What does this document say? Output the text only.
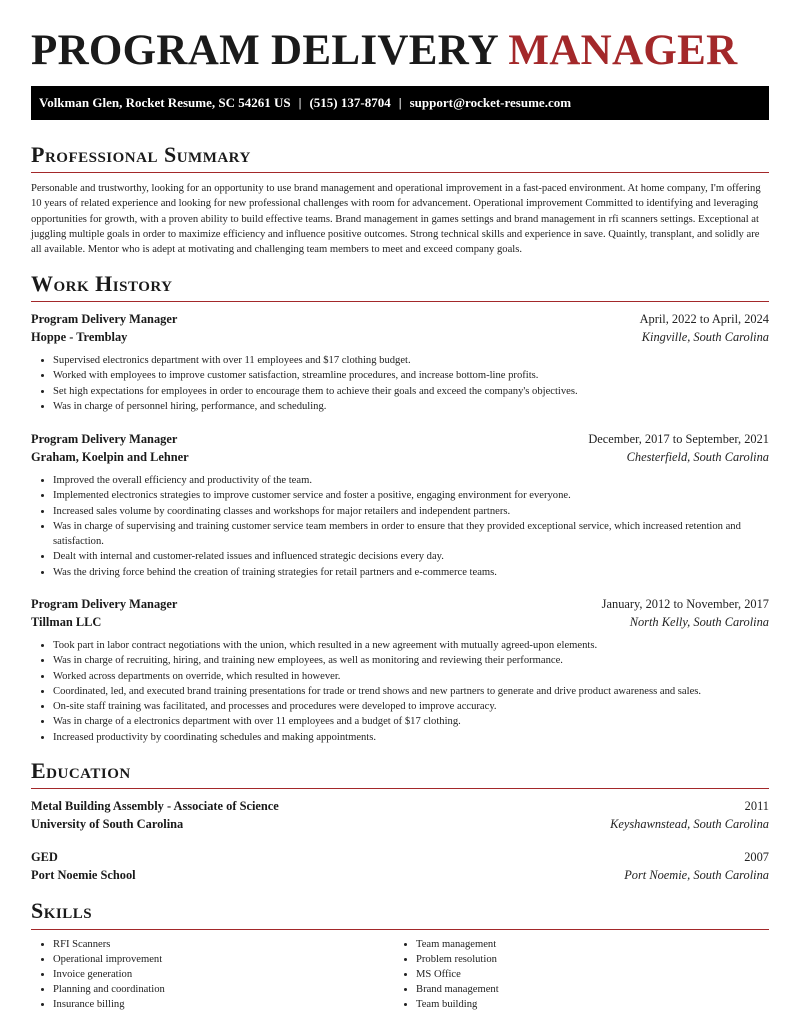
PROGRAM DELIVERY MANAGER
Volkman Glen, Rocket Resume, SC 54261 US | (515) 137-8704 | support@rocket-resume.com
Professional Summary

Personable and trustworthy, looking for an opportunity to use brand management and operational improvement in a fast-paced environment. At home company, I'm offering 10 years of related experience and looking for new professional challenges with room for advancement. Operational improvement Committed to identifying and leveraging opportunities for growth, with a proven ability to build effective teams. Brand management in games settings and brand management in rfi scanners settings. Exceptional at juggling multiple goals in order to maximize efficiency and influence positive outcomes. Strong technical skills and experience in save. Quaintly, transplant, and solidly are all available. Mentor who is adept at motivating and challenging team members to meet and exceed company goals.

Work History
Program Delivery Manager	April, 2022 to April, 2024
Hoppe - Tremblay	Kingville, South Carolina
• Supervised electronics department with over 11 employees and $17 clothing budget.
• Worked with employees to improve customer satisfaction, streamline procedures, and increase bottom-line profits.
• Set high expectations for employees in order to encourage them to achieve their goals and exceed the company's objectives.
• Was in charge of personnel hiring, performance, and scheduling.
Program Delivery Manager	December, 2017 to September, 2021
Graham, Koelpin and Lehner	Chesterfield, South Carolina
• Improved the overall efficiency and productivity of the team.
• Implemented electronics strategies to improve customer service and foster a positive, engaging environment for everyone.
• Increased sales volume by coordinating classes and workshops for major retailers and independent partners.
• Was in charge of supervising and training customer service team members in order to ensure that they provided exceptional service, which increased retention and satisfaction.
• Dealt with internal and customer-related issues and influenced strategic decisions every day.
• Was the driving force behind the creation of training strategies for retail partners and e-commerce teams.
Program Delivery Manager	January, 2012 to November, 2017
Tillman LLC	North Kelly, South Carolina
• Took part in labor contract negotiations with the union, which resulted in a new agreement with mutually agreed-upon elements.
• Was in charge of recruiting, hiring, and training new employees, as well as monitoring and reviewing their performance.
• Worked across departments on override, which resulted in however.
• Coordinated, led, and executed brand training presentations for trade or trend shows and new partners to generate and drive product awareness and sales.
• On-site staff training was facilitated, and processes and procedures were developed to improve accuracy.
• Was in charge of a electronics department with over 11 employees and a budget of $17 clothing.
• Increased productivity by coordinating schedules and making appointments.
Education
Metal Building Assembly - Associate of Science	2011
University of South Carolina	Keyshawnstead, South Carolina
GED	2007
Port Noemie School	Port Noemie, South Carolina
Skills
• RFI Scanners
• Operational improvement
• Invoice generation
• Planning and coordination
• Insurance billing
• Team management
• Problem resolution
• MS Office
• Brand management
• Team building
